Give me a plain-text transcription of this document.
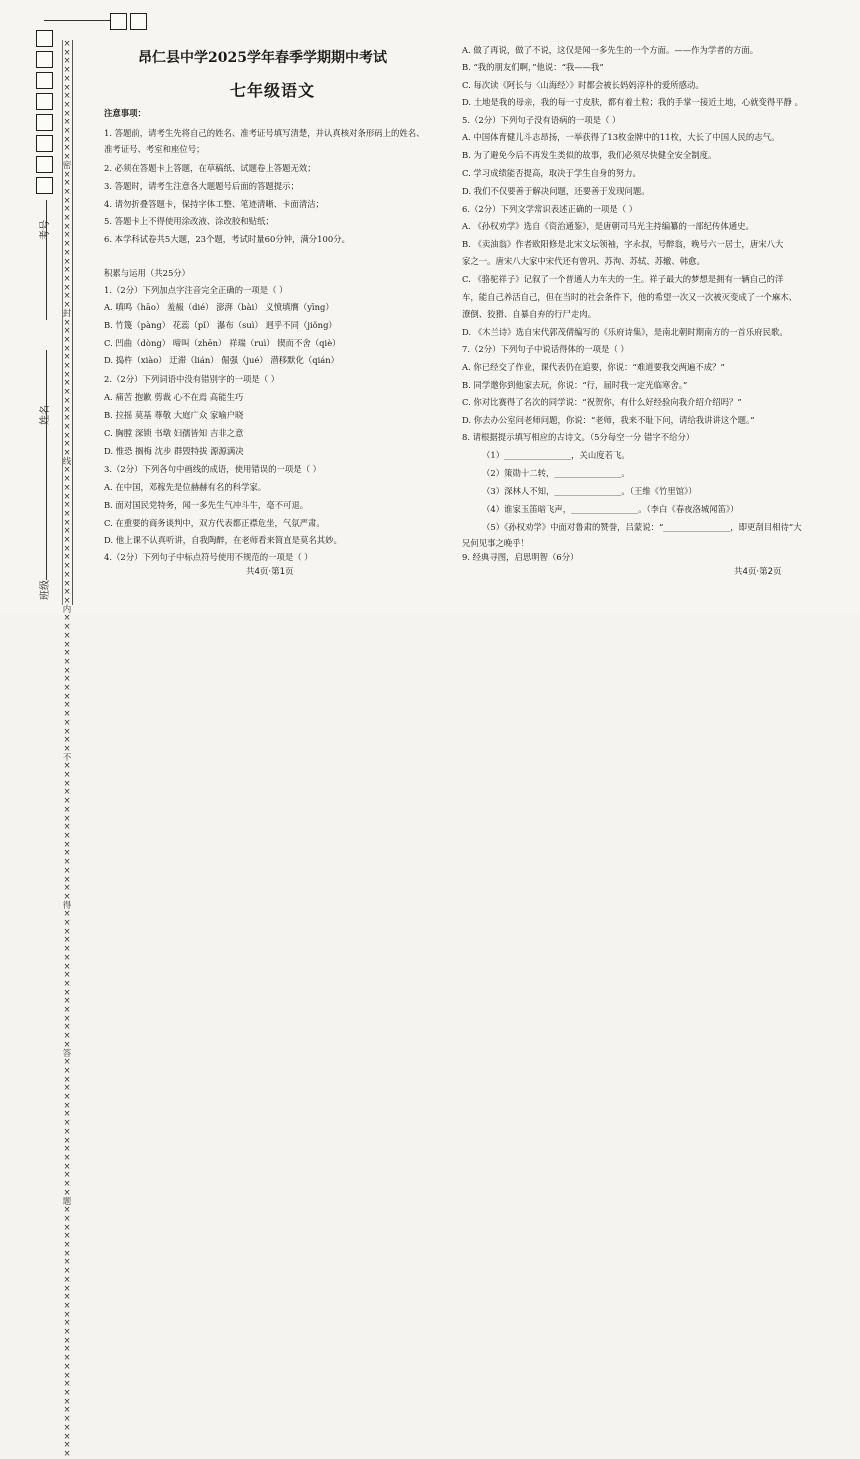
考号
姓名
班级
××××××××××××××密××××××××××××××××封××××××××××××××××线××××××××××××××××内××××××××××××××××不××××××××××××××××得××××××××××××××××答××××××××××××××××题×××××××××××××××××××××××××××××
昂仁县中学2025学年春季学期期中考试
七年级语文
注意事项：
1. 答题前，请考生先将自己的姓名、准考证号填写清楚，并认真核对条形码上的姓名、
准考证号、考室和座位号；
2. 必须在答题卡上答题，在草稿纸、试题卷上答题无效；
3. 答题时，请考生注意各大题题号后面的答题提示；
4. 请勿折叠答题卡，保持字体工整、笔迹清晰、卡面清洁；
5. 答题卡上不得使用涂改液、涂改胶和贴纸；
6. 本学科试卷共5大题，23个题，考试时量60分钟，满分100分。
积累与运用（共25分）
1.（2分）下列加点字注音完全正确的一项是（ ）
A. 嗔鸣（hāo） 羞赧（dié） 澎湃（bài） 义愤填膺（yīng）
B. 竹篾（pàng） 花蕊（pǐ） 瀑布（suì） 迥乎不同（jiǒng）
C. 凹曲（dòng） 啼叫（zhēn） 祥瑞（ruì） 锲而不舍（qiè）
D. 捣杵（xiào） 迂滞（lián） 倔强（jué） 潜移默化（qián）
2.（2分）下列词语中没有错别字的一项是（ ）
A. 痛苦 抱歉 剪裁 心不在焉 高能生巧
B. 拉摇 莫基 尊敬 大庭广众 家喻户晓
C. 胸膛 深锁 书墩 妇孺皆知 吉非之意
D. 惟恐 搁梅 沈步 群毁特拔 源源满决
3.（2分）下列各句中画线的成语，使用错误的一项是（ ）
A. 在中国，邓稼先是位赫赫有名的科学家。
B. 面对国民党特务，闻一多先生气冲斗牛，毫不可退。
C. 在重要的商务谈判中，双方代表都正襟危坐，气氛严肃。
D. 他上课不认真听讲，自我陶醉，在老师看来简直是莫名其妙。
4.（2分）下列句子中标点符号使用不规范的一项是（ ）
共4页·第1页
A. 做了再说，做了不说，这仅是闻一多先生的一个方面。——作为学者的方面。
B. “我的朋友们啊，”他说：“我——我”
C. 每次读《阿长与〈山海经〉》时都会被长妈妈淳朴的爱所感动。
D. 土地是我的母亲，我的每一寸皮肤，都有着土粒；我的手掌一接近土地，心就变得平静 。
5.（2分）下列句子没有语病的一项是（ ）
A. 中国体育健儿斗志昂扬，一举获得了13枚金牌中的11枚，大长了中国人民的志气。
B. 为了避免今后不再发生类似的故事，我们必须尽快健全安全制度。
C. 学习成绩能否提高，取决于学生自身的努力。
D. 我们不仅要善于解决问题，还要善于发现问题。
6.（2分）下列文学常识表述正确的一项是（ ）
A. 《孙权劝学》选自《资治通鉴》，是唐朝司马光主持编纂的一部纪传体通史。
B. 《卖油翁》作者欧阳修是北宋文坛领袖，字永叔，号醉翁，晚号六一居士，唐宋八大
家之一。唐宋八大家中宋代还有曾巩、苏洵、苏轼、苏辙、韩愈。
C. 《骆驼祥子》记叙了一个普通人力车夫的一生。祥子最大的梦想是拥有一辆自己的洋
车，能自己养活自己，但在当时的社会条件下，他的希望一次又一次被灭变成了一个麻木、
潦倒、狡猾、自暴自弃的行尸走肉。
D. 《木兰诗》选自宋代郭茂倩编写的《乐府诗集》，是南北朝时期南方的一首乐府民歌。
7.（2分）下列句子中说话得体的一项是（ ）
A. 你已经交了作业，课代表仍在追要，你说：“难道要我交两遍不成？”
B. 同学邀你到他家去玩，你说：“行，届时我一定光临寒舍。”
C. 你对比赛得了名次的同学说：“祝贺你，有什么好经验向我介绍介绍吗？”
D. 你去办公室问老师问题，你说：“老师，我来不耻下问，请给我讲讲这个题。”
8. 请根据提示填写相应的古诗文。（5分每空一分 错字不给分）
（1）________________，关山度若飞。
（2）策勋十二转，________________。
（3）深林人不知，________________。（王维《竹里馆》）
（4）谁家玉笛暗飞声，________________。（李白《春夜洛城闻笛》）
（5）《孙权劝学》中面对鲁肃的赞誉，吕蒙说：“________________，即更刮目相待”大
兄何见事之晚乎！
9. 经典寻图，启思明智（6分）
共4页·第2页
